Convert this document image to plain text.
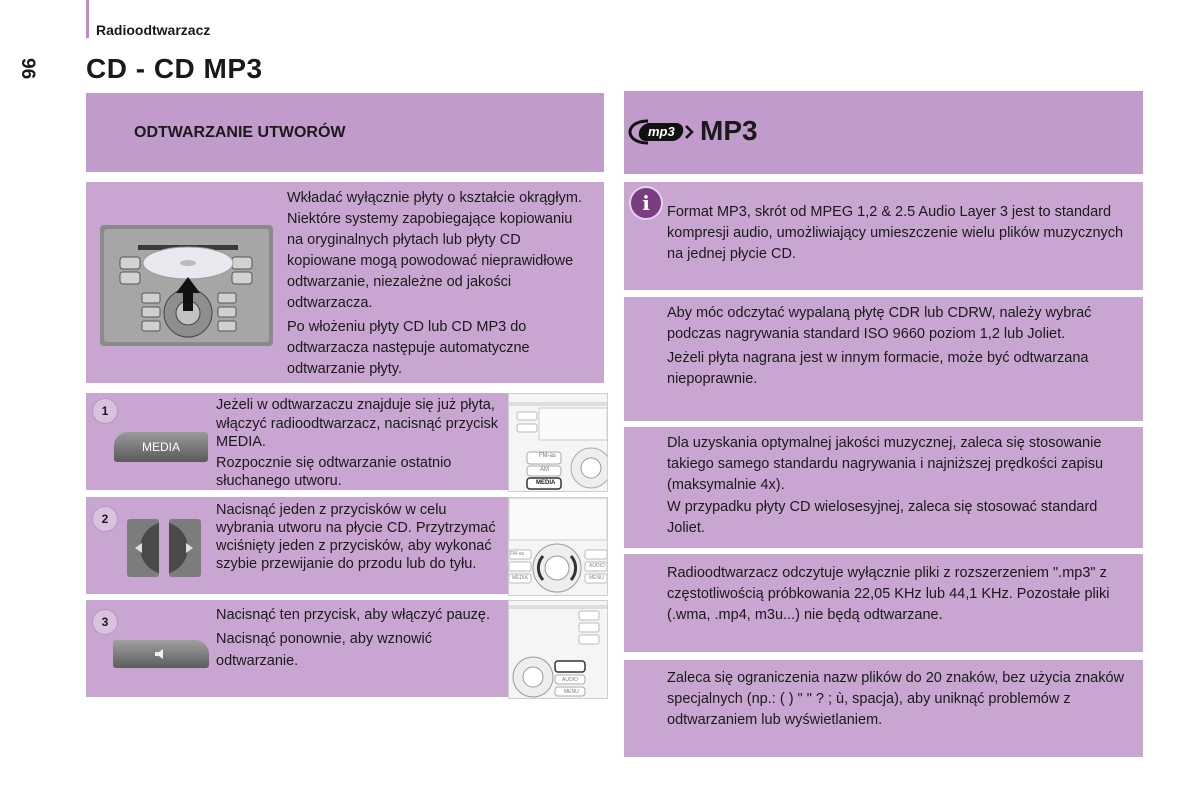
Radioodtwarzacz
96 CD - CD MP3
ODTWARZANIE UTWORÓW

Wkładać wyłącznie płyty o kształcie okrągłym. Niektóre systemy zapobiegające kopiowaniu na oryginalnych płytach lub płyty CD kopiowane mogą powodować nieprawidłowe odtwarzanie, niezależne od jakości odtwarzacza.

Po włożeniu płyty CD lub CD MP3 do odtwarzacza następuje automatyczne odtwarzanie płyty.

1
MEDIA

Jeżeli w odtwarzaczu znajduje się już płyta, włączyć radioodtwarzacz, nacisnąć przycisk MEDIA.

Rozpocznie się odtwarzanie ostatnio słuchanego utworu.

FM-as
AM
MEDIA
2

Nacisnąć jeden z przycisków w celu wybrania utworu na płycie CD. Przytrzymać wciśnięty jeden z przycisków, aby wykonać szybie przewijanie do przodu lub do tyłu.

FM-as
MEDIA
AUDIO
MENU
3	Nacisnąć ten przycisk, aby włączyć pauzę.

Nacisnąć ponownie, aby wznowić odtwarzanie.

AUDIO
MENU
mp3 MP3
i	Format MP3, skrót od MPEG 1,2 & 2.5 Audio Layer 3 jest to standard kompresji audio, umożliwiający umieszczenie wielu plików muzycznych na jednej płycie CD.

Aby móc odczytać wypalaną płytę CDR lub CDRW, należy wybrać podczas nagrywania standard ISO 9660 poziom 1,2 lub Joliet.

Jeżeli płyta nagrana jest w innym formacie, może być odtwarzana niepoprawnie.

Dla uzyskania optymalnej jakości muzycznej, zaleca się stosowanie takiego samego standardu nagrywania i najniższej prędkości zapisu (maksymalnie 4x).

W przypadku płyty CD wielosesyjnej, zaleca się stosować standard Joliet.

Radioodtwarzacz odczytuje wyłącznie pliki z rozszerzeniem ".mp3" z częstotliwością próbkowania 22,05 KHz lub 44,1 KHz. Pozostałe pliki (.wma, .mp4, m3u...) nie będą odtwarzane.

Zaleca się ograniczenia nazw plików do 20 znaków, bez użycia znaków specjalnych (np.: ( ) " " ? ; ù, spacja), aby uniknąć problemów z odtwarzaniem lub wyświetlaniem.
